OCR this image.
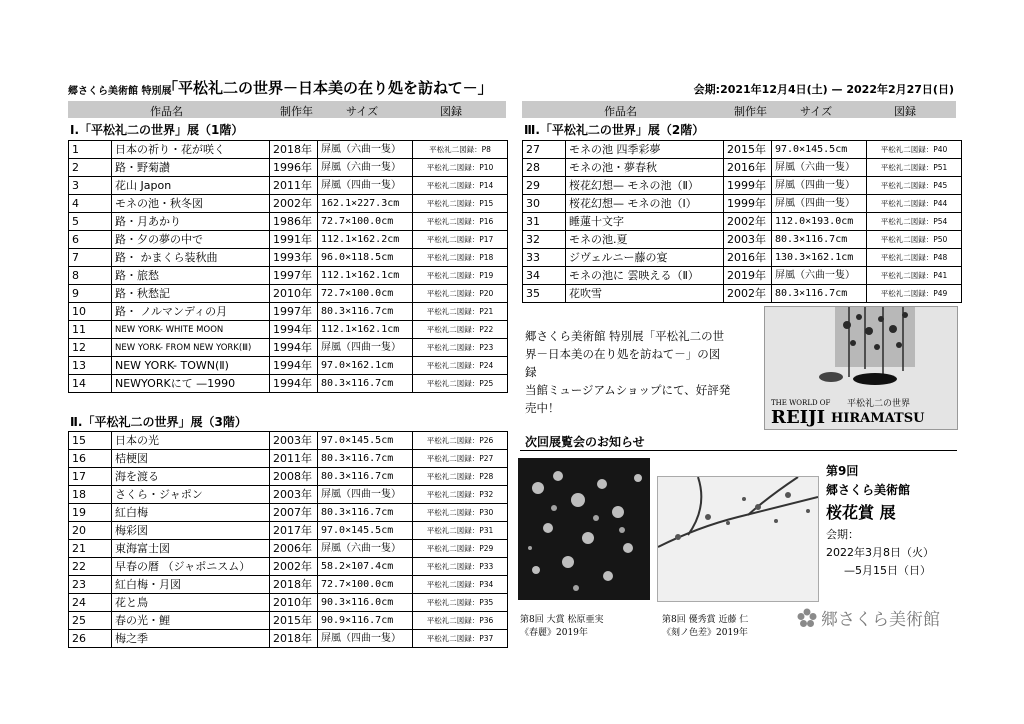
郷さくら美術館 特別展
「平松礼二の世界－日本美の在り処を訪ねて－」	会期:2021年12月4日(土) — 2022年2月27日(日)
作品名	制作年	サイズ	図録
Ⅰ.「平松礼二の世界」展（1階）
1	日本の祈り・花が咲く	2018年	屏風（六曲一隻）	平松礼二図録：P8
2	路・野菊讃	1996年	屏風（六曲一隻）	平松礼二図録：P10
3	花山 Japon	2011年	屏風（四曲一隻）	平松礼二図録：P14
4	モネの池・秋冬図	2002年	162.1×227.3cm	平松礼二図録：P15
5	路・月あかり	1986年	72.7×100.0cm	平松礼二図録：P16
6	路・夕の夢の中で	1991年	112.1×162.2cm	平松礼二図録：P17
7	路・ かまくら装秋曲	1993年	96.0×118.5cm	平松礼二図録：P18
8	路・旅愁	1997年	112.1×162.1cm	平松礼二図録：P19
9	路・秋愁記	2010年	72.7×100.0cm	平松礼二図録：P20
10	路・ ノルマンディの月	1997年	80.3×116.7cm	平松礼二図録：P21
11	NEW YORK- WHITE MOON	1994年	112.1×162.1cm	平松礼二図録：P22
12	NEW YORK- FROM NEW YORK(Ⅲ)	1994年	屏風（四曲一隻）	平松礼二図録：P23
13	NEW YORK- TOWN(Ⅱ)	1994年	97.0×162.1cm	平松礼二図録：P24
14	NEWYORKにて —1990	1994年	80.3×116.7cm	平松礼二図録：P25
Ⅱ.「平松礼二の世界」展（3階）
15	日本の光	2003年	97.0×145.5cm	平松礼二図録：P26
16	桔梗図	2011年	80.3×116.7cm	平松礼二図録：P27
17	海を渡る	2008年	80.3×116.7cm	平松礼二図録：P28
18	さくら・ジャポン	2003年	屏風（四曲一隻）	平松礼二図録：P32
19	紅白梅	2007年	80.3×116.7cm	平松礼二図録：P30
20	梅彩図	2017年	97.0×145.5cm	平松礼二図録：P31
21	東海富士図	2006年	屏風（六曲一隻）	平松礼二図録：P29
22	早春の暦 （ジャポニスム）	2002年	58.2×107.4cm	平松礼二図録：P33
23	紅白梅・月図	2018年	72.7×100.0cm	平松礼二図録：P34
24	花と鳥	2010年	90.3×116.0cm	平松礼二図録：P35
25	春の光・鯉	2015年	90.9×116.7cm	平松礼二図録：P36
26	梅之季	2018年	屏風（四曲一隻）	平松礼二図録：P37
作品名	制作年	サイズ	図録
Ⅲ.「平松礼二の世界」展（2階）
27	モネの池 四季彩夢	2015年	97.0×145.5cm	平松礼二図録：P40
28	モネの池・夢春秋	2016年	屏風（六曲一隻）	平松礼二図録：P51
29	桜花幻想— モネの池（Ⅱ）	1999年	屏風（四曲一隻）	平松礼二図録：P45
30	桜花幻想— モネの池（Ⅰ）	1999年	屏風（四曲一隻）	平松礼二図録：P44
31	睡蓮十文字	2002年	112.0×193.0cm	平松礼二図録：P54
32	モネの池.夏	2003年	80.3×116.7cm	平松礼二図録：P50
33	ジヴェルニー藤の宴	2016年	130.3×162.1cm	平松礼二図録：P48
34	モネの池に 雲映える（Ⅱ）	2019年	屏風（六曲一隻）	平松礼二図録：P41
35	花吹雪	2002年	80.3×116.7cm	平松礼二図録：P49
郷さくら美術館 特別展「平松礼二の世
界－日本美の在り処を訪ねて－」の図
録
当館ミュージアムショップにて、好評発
売中！	THE WORLD OF 平松礼二の世界
REIJI HIRAMATSU
次回展覧会のお知らせ
第8回 大賞 松原亜実
《春麗》2019年
第8回 優秀賞 近藤 仁
《刻ノ色差》2019年
第9回
郷さくら美術館
桜花賞 展
会期：
2022年3月8日（火）
—5月15日（日）
郷さくら美術館
